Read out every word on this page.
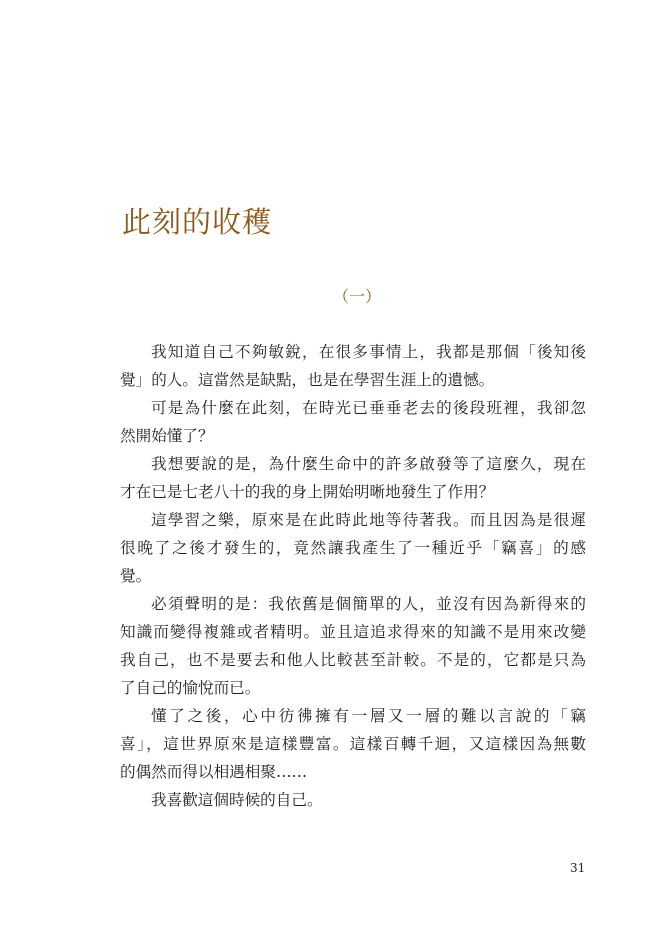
此刻的收穫
（一）
我知道自己不夠敏銳，在很多事情上，我都是那個「後知後
覺」的人。這當然是缺點，也是在學習生涯上的遺憾。
可是為什麼在此刻，在時光已垂垂老去的後段班裡，我卻忽
然開始懂了？
我想要說的是，為什麼生命中的許多啟發等了這麼久，現在
才在已是七老八十的我的身上開始明晰地發生了作用？
這學習之樂，原來是在此時此地等待著我。而且因為是很遲
很晚了之後才發生的，竟然讓我產生了一種近乎「竊喜」的感
覺。
必須聲明的是：我依舊是個簡單的人，並沒有因為新得來的
知識而變得複雜或者精明。並且這追求得來的知識不是用來改變
我自己，也不是要去和他人比較甚至計較。不是的，它都是只為
了自己的愉悅而已。
懂了之後，心中彷彿擁有一層又一層的難以言說的「竊
喜」，這世界原來是這樣豐富。這樣百轉千迴，又這樣因為無數
的偶然而得以相遇相聚……
我喜歡這個時候的自己。
31
